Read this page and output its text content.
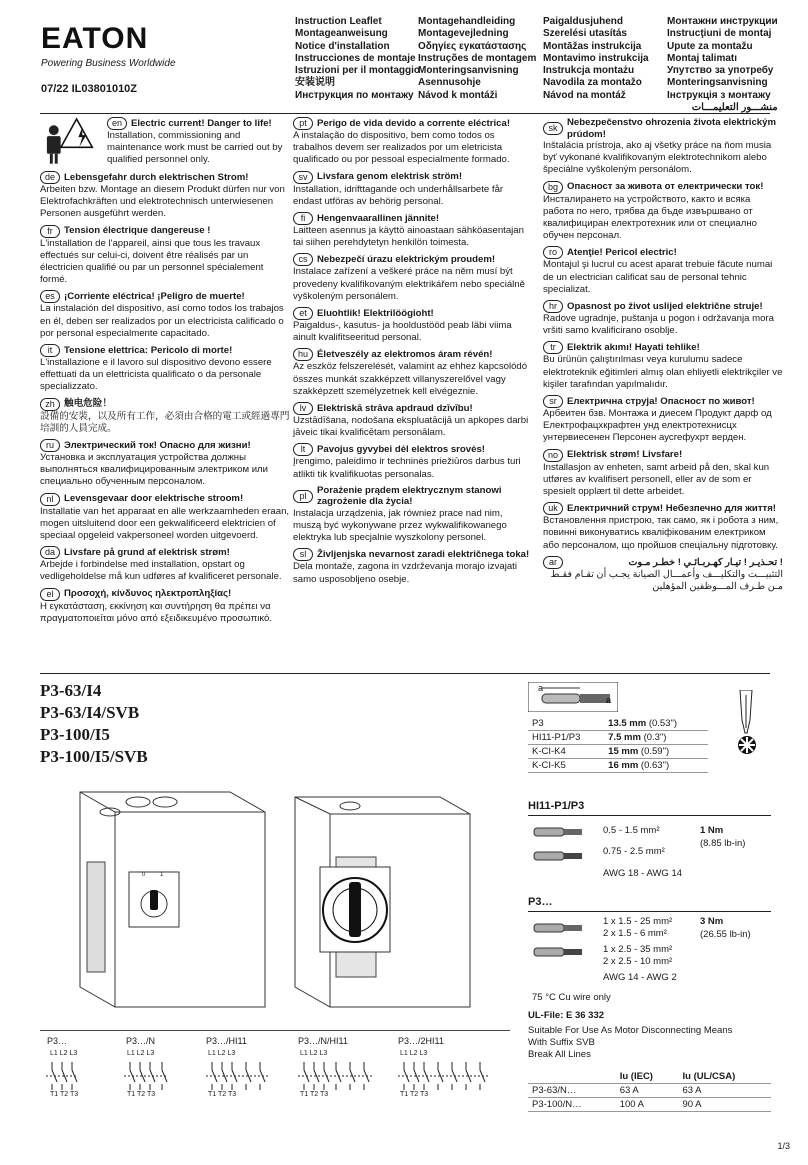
EATON
Powering Business Worldwide
07/22 IL03801010Z
Instruction Leaflet
Montageanweisung
Notice d'installation
Instrucciones de montaje
Istruzioni per il montaggio
安装说明
Инструкция по монтажу
Montagehandleiding
Montagevejledning
Οδηγίες εγκατάστασης
Instruções de montagem
Monteringsanvisning
Asennusohje
Návod k montáži
Paigaldusjuhend
Szerelési utasítás
Montāžas instrukcija
Montavimo instrukcija
Instrukcja montażu
Navodila za montažo
Návod na montáž
Монтажни инструкции
Instrucţiuni de montaj
Upute za montažu
Montaj talimatı
Упутство за употребу
Monteringsanvisning
Інструкція з монтажу
منشـــور التعليمـــات
en Electric current! Danger to life!
Installation, commissioning and maintenance work must be carried out by qualified personnel only.
de Lebensgefahr durch elektrischen Strom!
Arbeiten bzw. Montage an diesem Produkt dürfen nur von Elektrofachkräften und elektrotechnisch unterwiesenen Personen ausgeführt werden.
fr	Tension électrique dangereuse !
L'installation de l'appareil, ainsi que tous les travaux effectués sur celui-ci, doivent être réalisés par un électricien qualifié ou par un personnel spécialement formé.
es ¡Corriente eléctrica! ¡Peligro de muerte!
La instalación del dispositivo, así como todos los trabajos en él, deben ser realizados por un electricista calificado o por personal especialmente capacitado.
it	Tensione elettrica: Pericolo di morte!
L'installazione e il lavoro sul dispositivo devono essere effettuati da un elettricista qualificato o da personale specializzato.
zh 触电危险！
設備的安裝，以及所有工作，必須由合格的電工或經過專門培訓的人員完成。
ru	Электрический ток! Опасно для жизни!
Установка и эксплуатация устройства должны выполняться квалифицированным электриком или специально обученным персоналом.
nl	Levensgevaar door elektrische stroom!
Installatie van het apparaat en alle werkzaamheden eraan, mogen uitsluitend door een gekwalificeerd elektricien of speciaal opgeleid vakpersoneel worden uitgevoerd.
da Livsfare på grund af elektrisk strøm!
Arbejde i forbindelse med installation, opstart og vedligeholdelse må kun udføres af kvalificeret personale.
el	Προσοχή, κίνδυνος ηλεκτροπληξίας!
Η εγκατάσταση, εκκίνηση και συντήρηση θα πρέπει να πραγματοποιείται μόνο από εξειδικευμένο προσωπικό.
pt	Perigo de vida devido a corrente eléctrica!
A instalação do dispositivo, bem como todos os trabalhos devem ser realizados por um eletricista qualificado ou por pessoal especialmente formado.
sv Livsfara genom elektrisk ström!
Installation, idrifttagande och underhållsarbete får endast utföras av behörig personal.
fi	Hengenvaarallinen jännite!
Laitteen asennus ja käyttö ainoastaan sähköasentajan tai siihen perehdytetyn henkilön toimesta.
cs Nebezpečí úrazu elektrickým proudem!
Instalace zařízení a veškeré práce na něm musí být provedeny kvalifikovaným elektrikářem nebo speciálně vyškoleným personálem.
et	Eluohtlik! Elektrilöögioht!
Paigaldus-, kasutus- ja hooldustööd peab läbi viima ainult kvalifitseeritud personal.
hu Életveszély az elektromos áram révén!
Az eszköz felszerelését, valamint az ehhez kapcsolódó összes munkát szakképzett villanyszerelővel vagy szakképzett személyzetnek kell elvégeznie.
lv	Elektriskā strāva apdraud dzīvību!
Uzstādīšana, nodošana ekspluatācijā un apkopes darbi jāveic tikai kvalificētam personālam.
lt	Pavojus gyvybei dėl elektros srovės!
Įrengimo, paleidimo ir techninės priežiūros darbus turi atlikti tik kvalifikuotas personalas.
pl	Porażenie prądem elektrycznym stanowi zagrożenie dla życia!
Instalacja urządzenia, jak również prace nad nim, muszą być wykonywane przez wykwalifikowanego elektryka lub specjalnie wyszkolony personel.
sl	Življenjska nevarnost zaradi električnega toka!
Dela montaže, zagona in vzdrževanja morajo izvajati samo usposobljeno osebje.
sk Nebezpečenstvo ohrozenia života elektrickým prúdom!
Inštalácia prístroja, ako aj všetky práce na ňom musia byť vykonané kvalifikovaným elektrotechnikom alebo špeciálne vyškoleným personálom.
bg Опасност за живота от електрически ток!
Инсталирането на устройството, както и всяка работа по него, трябва да бъде извършвано от квалифициран електротехник или от специално обучен персонал.
ro	Atenţie! Pericol electric!
Montajul şi lucrul cu acest aparat trebuie făcute numai de un electrician calificat sau de personal tehnic specializat.
hr	Opasnost po život uslijed električne struje!
Radove ugradnje, puštanja u pogon i održavanja mora vršiti samo kvalificirano osoblje.
tr	Elektrik akımı! Hayati tehlike!
Bu ürünün çalıştırılması veya kurulumu sadece elektroteknik eğitimleri almış olan ehliyetli elektrikçiler ve kişiler tarafından yapılmalıdır.
sr	Електрична струја! Опасност по живот!
Арбеитен бзв. Монтажа и диесем Продукт дарф од Електрофацхкрафтен унд електротехнисцх унтервиесенен Персонен аусгефухрт верден.
no Elektrisk strøm! Livsfare!
Installasjon av enheten, samt arbeid på den, skal kun utføres av kvalifisert personell, eller av de som er spesielt opplært til dette arbeidet.
uk Електричний струм! Небезпечно для життя!
Встановлення пристрою, так само, як і робота з ним, повинні виконуватись кваліфікованим електриком або персоналом, що пройшов спеціальну підготовку.
ar	! تحـذيـر ! تيـار كهـربـائـي ! خطـر مـوت
التثبيـــت والتكليـــف وأعمـــال الصيانة يجـب أن تقـام فقـط مـن طـرف المـــوظفين المؤهلين
P3-63/I4
P3-63/I4/SVB
P3-100/I5
P3-100/I5/SVB
0 1
a
a
P3	13.5 mm (0.53")
HI11-P1/P3	7.5 mm (0.3")
K-CI-K4	15 mm (0.59")
K-CI-K5	16 mm (0.63")
HI11-P1/P3
0.5 - 1.5 mm²
0.75 - 2.5 mm²
AWG 18 - AWG 14
1 Nm
(8.85 lb-in)
P3…
1 x 1.5 - 25 mm²
2 x 1.5 - 6 mm²
1 x 2.5 - 35 mm²
2 x 2.5 - 10 mm²
AWG 14 - AWG 2
3 Nm
(26.55 lb-in)
75 °C Cu wire only
UL-File: E 36 332
Suitable For Use As Motor Disconnecting Means
With Suffix SVB
Break All Lines
	Iu (IEC)	Iu (UL/CSA)
P3-63/N…	63 A	63 A
P3-100/N…	100 A	90 A
P3…	P3…/N	P3…/HI11	P3…/N/HI11	P3…/2HI11
L1 L2 L3
T1 T2 T3
L1 L2 L3
T1 T2 T3
L1 L2 L3
T1 T2 T3
L1 L2 L3
T1 T2 T3
L1 L2 L3
T1 T2 T3
1/3
